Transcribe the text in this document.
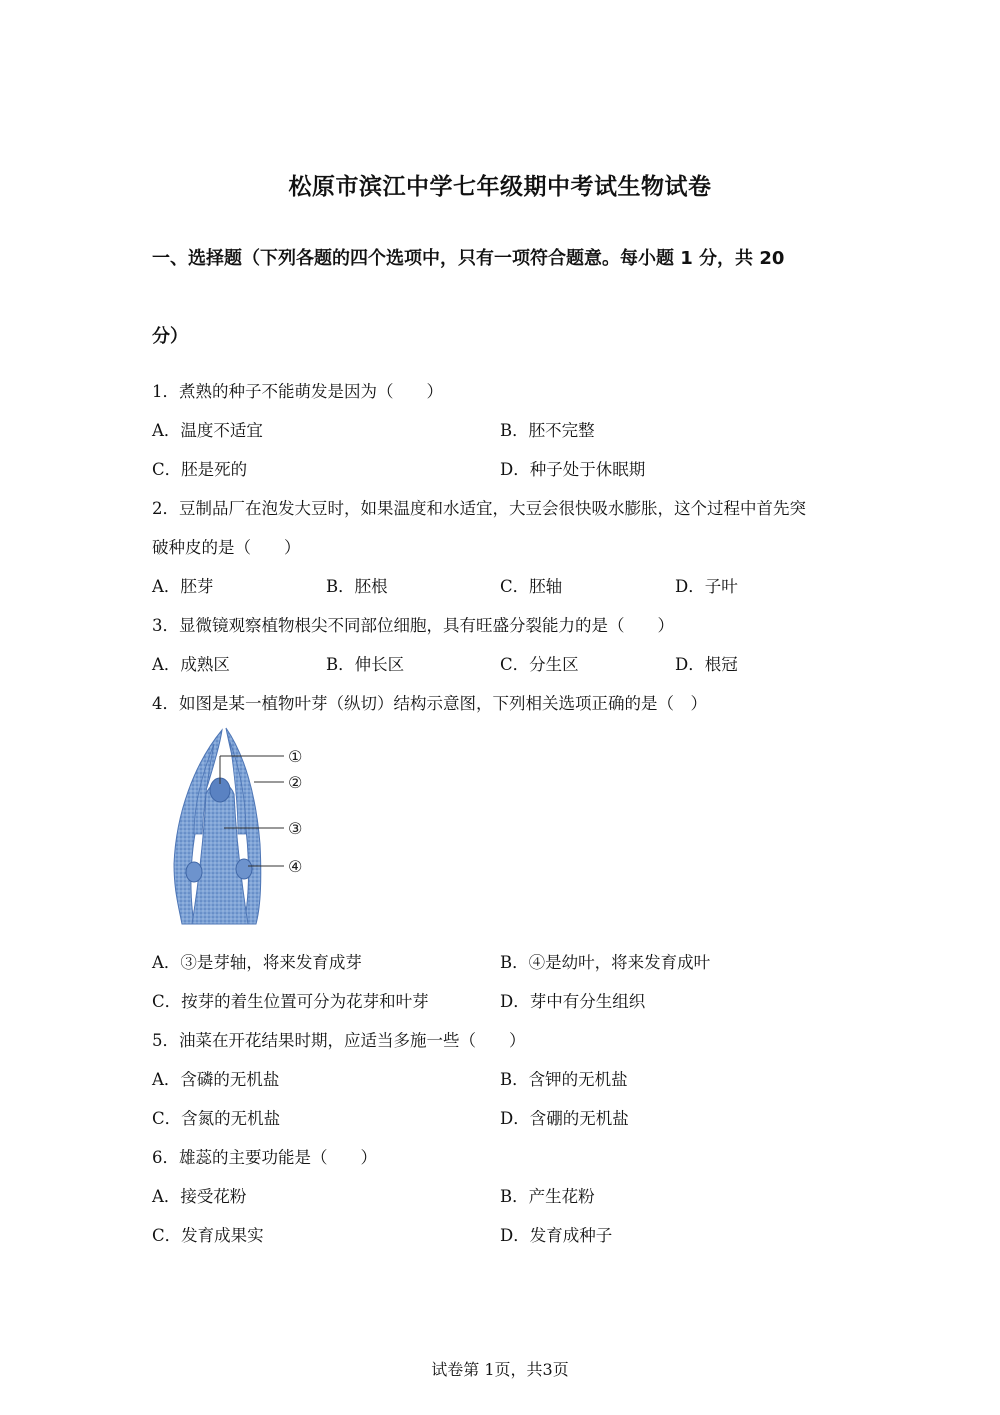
松原市滨江中学七年级期中考试生物试卷
一、选择题（下列各题的四个选项中，只有一项符合题意。每小题 1 分，共 20
分）
1．煮熟的种子不能萌发是因为（　　）
A．温度不适宜	B．胚不完整
C．胚是死的	D．种子处于休眠期
2．豆制品厂在泡发大豆时，如果温度和水适宜，大豆会很快吸水膨胀，这个过程中首先突
破种皮的是（　　）
A．胚芽	B．胚根	C．胚轴	D．子叶
3．显微镜观察植物根尖不同部位细胞，具有旺盛分裂能力的是（　　）
A．成熟区	B．伸长区	C．分生区	D．根冠
4．如图是某一植物叶芽（纵切）结构示意图，下列相关选项正确的是（　）
①
②
③
④
A．③是芽轴，将来发育成芽	B．④是幼叶，将来发育成叶
C．按芽的着生位置可分为花芽和叶芽	D．芽中有分生组织
5．油菜在开花结果时期，应适当多施一些（　　）
A．含磷的无机盐	B．含钾的无机盐
C．含氮的无机盐	D．含硼的无机盐
6．雄蕊的主要功能是（　　）
A．接受花粉	B．产生花粉
C．发育成果实	D．发育成种子
试卷第 1页，共3页
